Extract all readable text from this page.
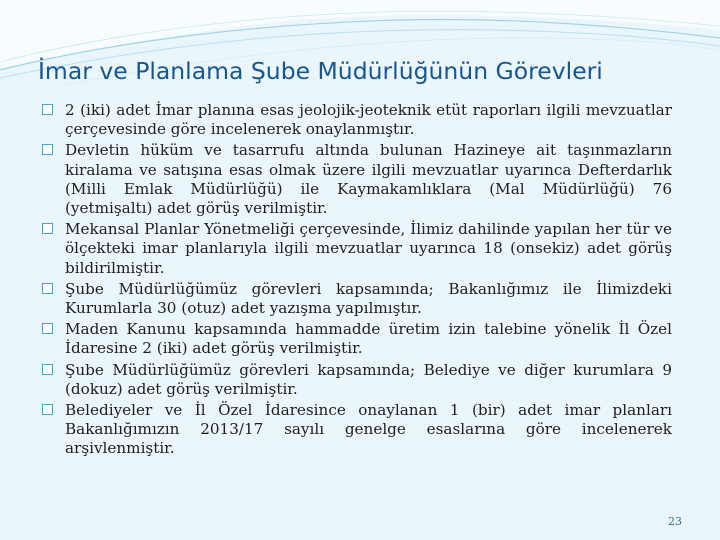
İmar ve Planlama Şube Müdürlüğünün Görevleri
2 (iki) adet İmar planına esas jeolojik-jeoteknik etüt raporları ilgili mevzuatlar çerçevesinde göre incelenerek onaylanmıştır.
Devletin hüküm ve tasarrufu altında bulunan Hazineye ait taşınmazların kiralama ve satışına esas olmak üzere ilgili mevzuatlar uyarınca Defterdarlık (Milli Emlak Müdürlüğü) ile Kaymakamlıklara (Mal Müdürlüğü) 76 (yetmişaltı) adet görüş verilmiştir.
Mekansal Planlar Yönetmeliği çerçevesinde, İlimiz dahilinde yapılan her tür ve ölçekteki imar planlarıyla ilgili mevzuatlar uyarınca 18 (onsekiz) adet görüş bildirilmiştir.
Şube Müdürlüğümüz görevleri kapsamında; Bakanlığımız ile İlimizdeki Kurumlarla 30 (otuz) adet yazışma yapılmıştır.
Maden Kanunu kapsamında hammadde üretim izin talebine yönelik İl Özel İdaresine 2 (iki) adet görüş verilmiştir.
Şube Müdürlüğümüz görevleri kapsamında; Belediye ve diğer kurumlara 9 (dokuz) adet görüş verilmiştir.
Belediyeler ve İl Özel İdaresince onaylanan 1 (bir) adet imar planları Bakanlığımızın 2013/17 sayılı genelge esaslarına göre incelenerek arşivlenmiştir.
23
